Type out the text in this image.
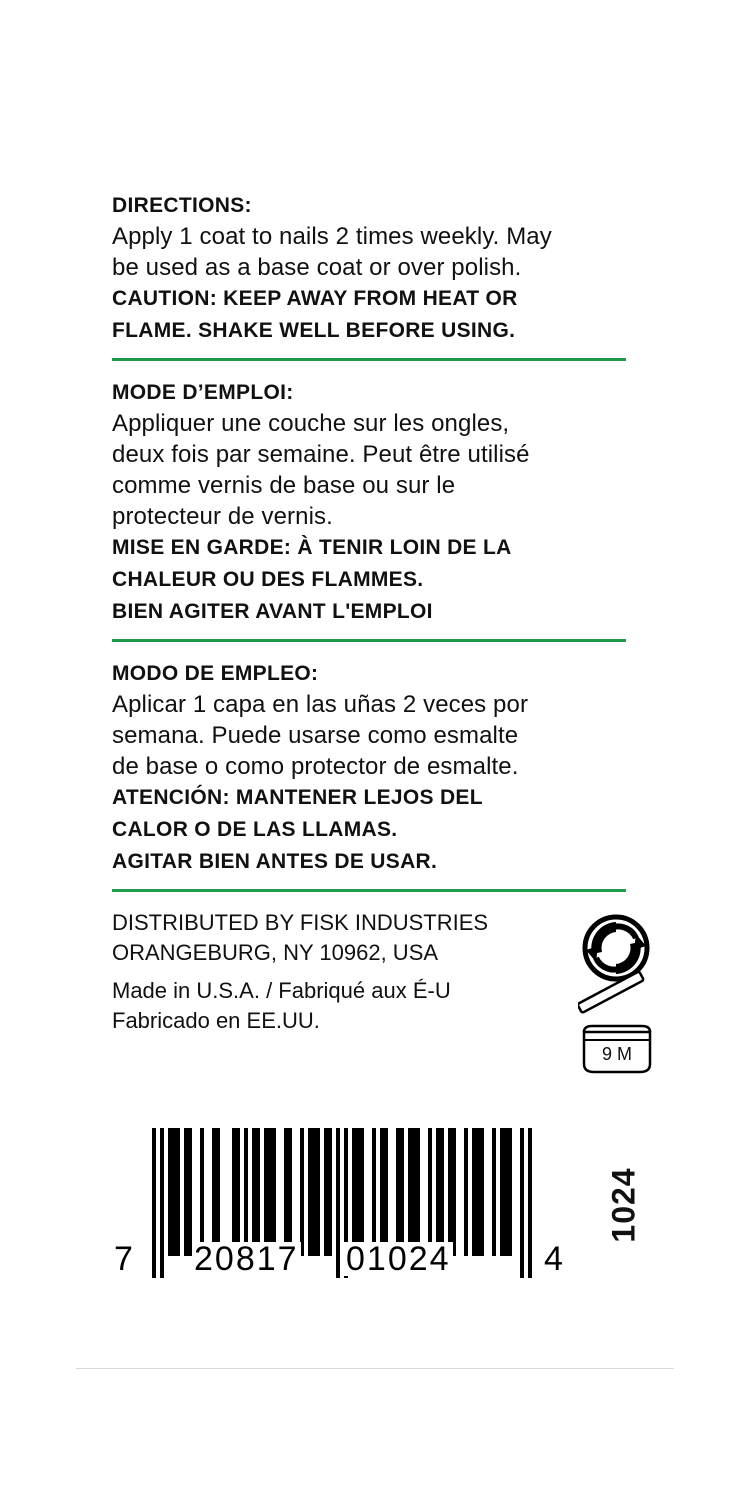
DIRECTIONS:

Apply 1 coat to nails 2 times weekly. May

be used as a base coat or over polish.

CAUTION: KEEP AWAY FROM HEAT OR

FLAME. SHAKE WELL BEFORE USING.

MODE D’EMPLOI:

Appliquer une couche sur les ongles,

deux fois par semaine. Peut être utilisé

comme vernis de base ou sur le

protecteur de vernis.

MISE EN GARDE: À TENIR LOIN DE LA

CHALEUR OU DES FLAMMES.

BIEN AGITER AVANT L'EMPLOI

MODO DE EMPLEO:

Aplicar 1 capa en las uñas 2 veces por

semana. Puede usarse como esmalte

de base o como protector de esmalte.

ATENCIÓN: MANTENER LEJOS DEL

CALOR O DE LAS LLAMAS.

AGITAR BIEN ANTES DE USAR.

DISTRIBUTED BY FISK INDUSTRIES

ORANGEBURG, NY 10962, USA

Made in U.S.A. / Fabriqué aux É-U

Fabricado en EE.UU.

9 M
7 20817 01024	4
1024
